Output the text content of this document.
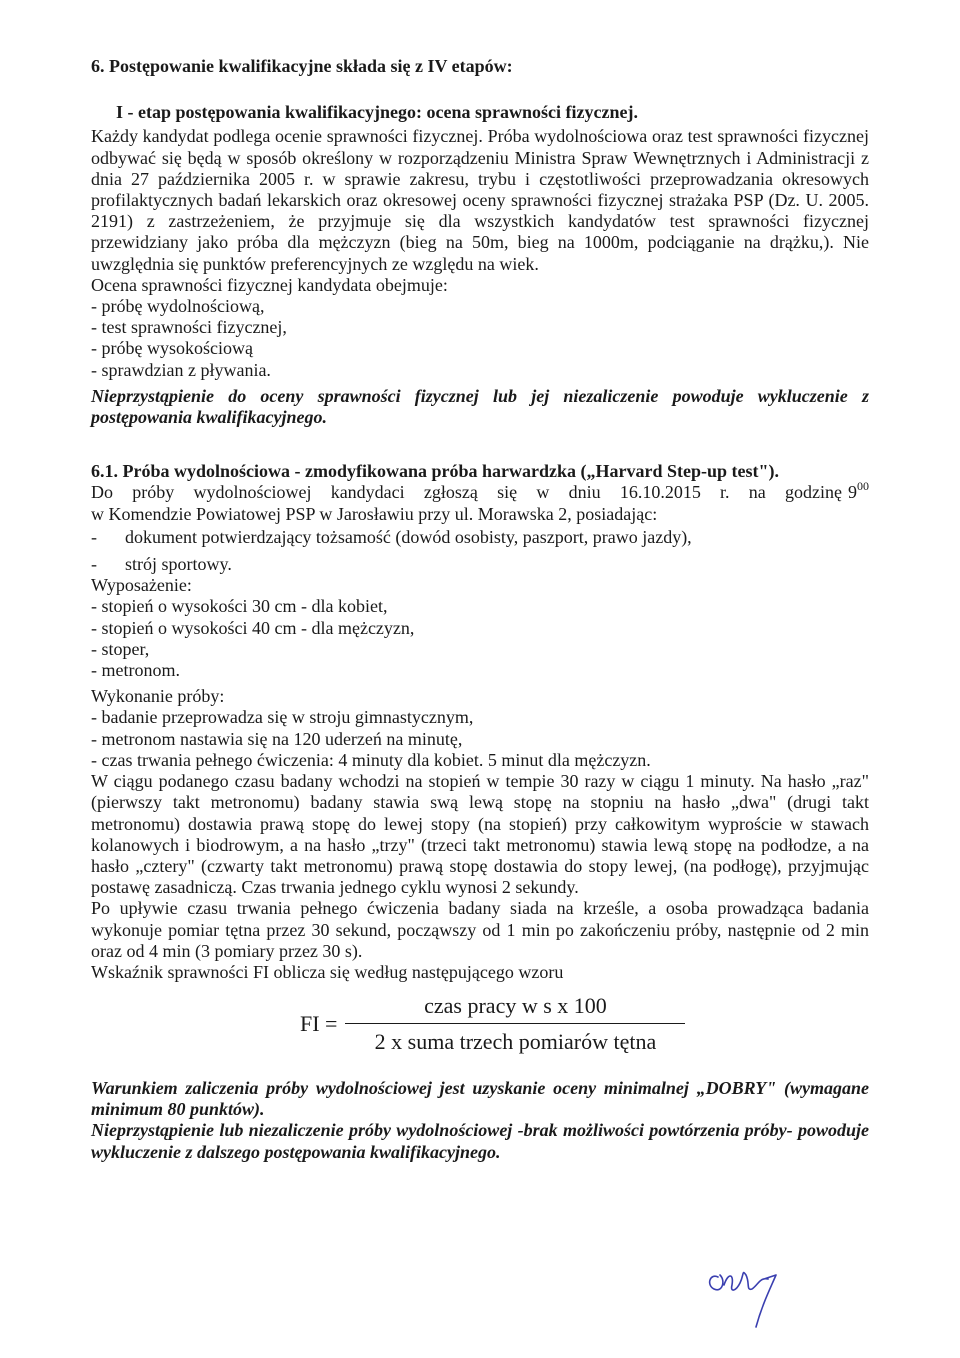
6. Postępowanie kwalifikacyjne składa się z IV etapów:

I - etap postępowania kwalifikacyjnego: ocena sprawności fizycznej.

Każdy kandydat podlega ocenie sprawności fizycznej. Próba wydolnościowa oraz test sprawności fizycznej odbywać się będą w sposób określony w rozporządzeniu Ministra Spraw Wewnętrznych i Administracji z dnia 27 października 2005 r. w sprawie zakresu, trybu i częstotliwości przeprowadzania okresowych profilaktycznych badań lekarskich oraz okresowej oceny sprawności fizycznej strażaka PSP (Dz. U. 2005. 2191) z zastrzeżeniem, że przyjmuje się dla wszystkich kandydatów test sprawności fizycznej przewidziany jako próba dla mężczyzn (bieg na 50m, bieg na 1000m, podciąganie na drążku,). Nie uwzględnia się punktów preferencyjnych ze względu na wiek.

Ocena sprawności fizycznej kandydata obejmuje:

- próbę wydolnościową,

- test sprawności fizycznej,

- próbę wysokościową

- sprawdzian z pływania.

Nieprzystąpienie do oceny sprawności fizycznej lub jej niezaliczenie powoduje wykluczenie z postępowania kwalifikacyjnego.

6.1. Próba wydolnościowa - zmodyfikowana próba harwardzka („Harvard Step-up test").

Do próby wydolnościowej kandydaci zgłoszą się w dniu 16.10.2015 r. na godzinę $9^{00}$

w Komendzie Powiatowej PSP w Jarosławiu przy ul. Morawska 2, posiadając:

-	dokument potwierdzający tożsamość (dowód osobisty, paszport, prawo jazdy),

-	strój sportowy.

Wyposażenie:

- stopień o wysokości 30 cm - dla kobiet,

- stopień o wysokości 40 cm - dla mężczyzn,

- stoper,

- metronom.

Wykonanie próby:

- badanie przeprowadza się w stroju gimnastycznym,

- metronom nastawia się na 120 uderzeń na minutę,

- czas trwania pełnego ćwiczenia: 4 minuty dla kobiet. 5 minut dla mężczyzn.

W ciągu podanego czasu badany wchodzi na stopień w tempie 30 razy w ciągu 1 minuty. Na hasło „raz" (pierwszy takt metronomu) badany stawia swą lewą stopę na stopniu na hasło „dwa" (drugi takt metronomu) dostawia prawą stopę do lewej stopy (na stopień) przy całkowitym wyproście w stawach kolanowych i biodrowym, a na hasło „trzy" (trzeci takt metronomu) stawia lewą stopę na podłodze, a na hasło „cztery" (czwarty takt metronomu) prawą stopę dostawia do stopy lewej, (na podłogę), przyjmując postawę zasadniczą. Czas trwania jednego cyklu wynosi 2 sekundy.

Po upływie czasu trwania pełnego ćwiczenia badany siada na krześle, a osoba prowadząca badania wykonuje pomiar tętna przez 30 sekund, począwszy od 1 min po zakończeniu próby, następnie od 2 min oraz od 4 min (3 pomiary przez 30 s).

Wskaźnik sprawności FI oblicza się według następującego wzoru

FI = $\frac{\text{czas pracy w s x 100}}{\text{2 x suma trzech pomiarów tętna}}$

Warunkiem zaliczenia próby wydolnościowej jest uzyskanie oceny minimalnej „DOBRY" (wymagane minimum 80 punktów).

Nieprzystąpienie lub niezaliczenie próby wydolnościowej -brak możliwości powtórzenia próby- powoduje wykluczenie z dalszego postępowania kwalifikacyjnego.
